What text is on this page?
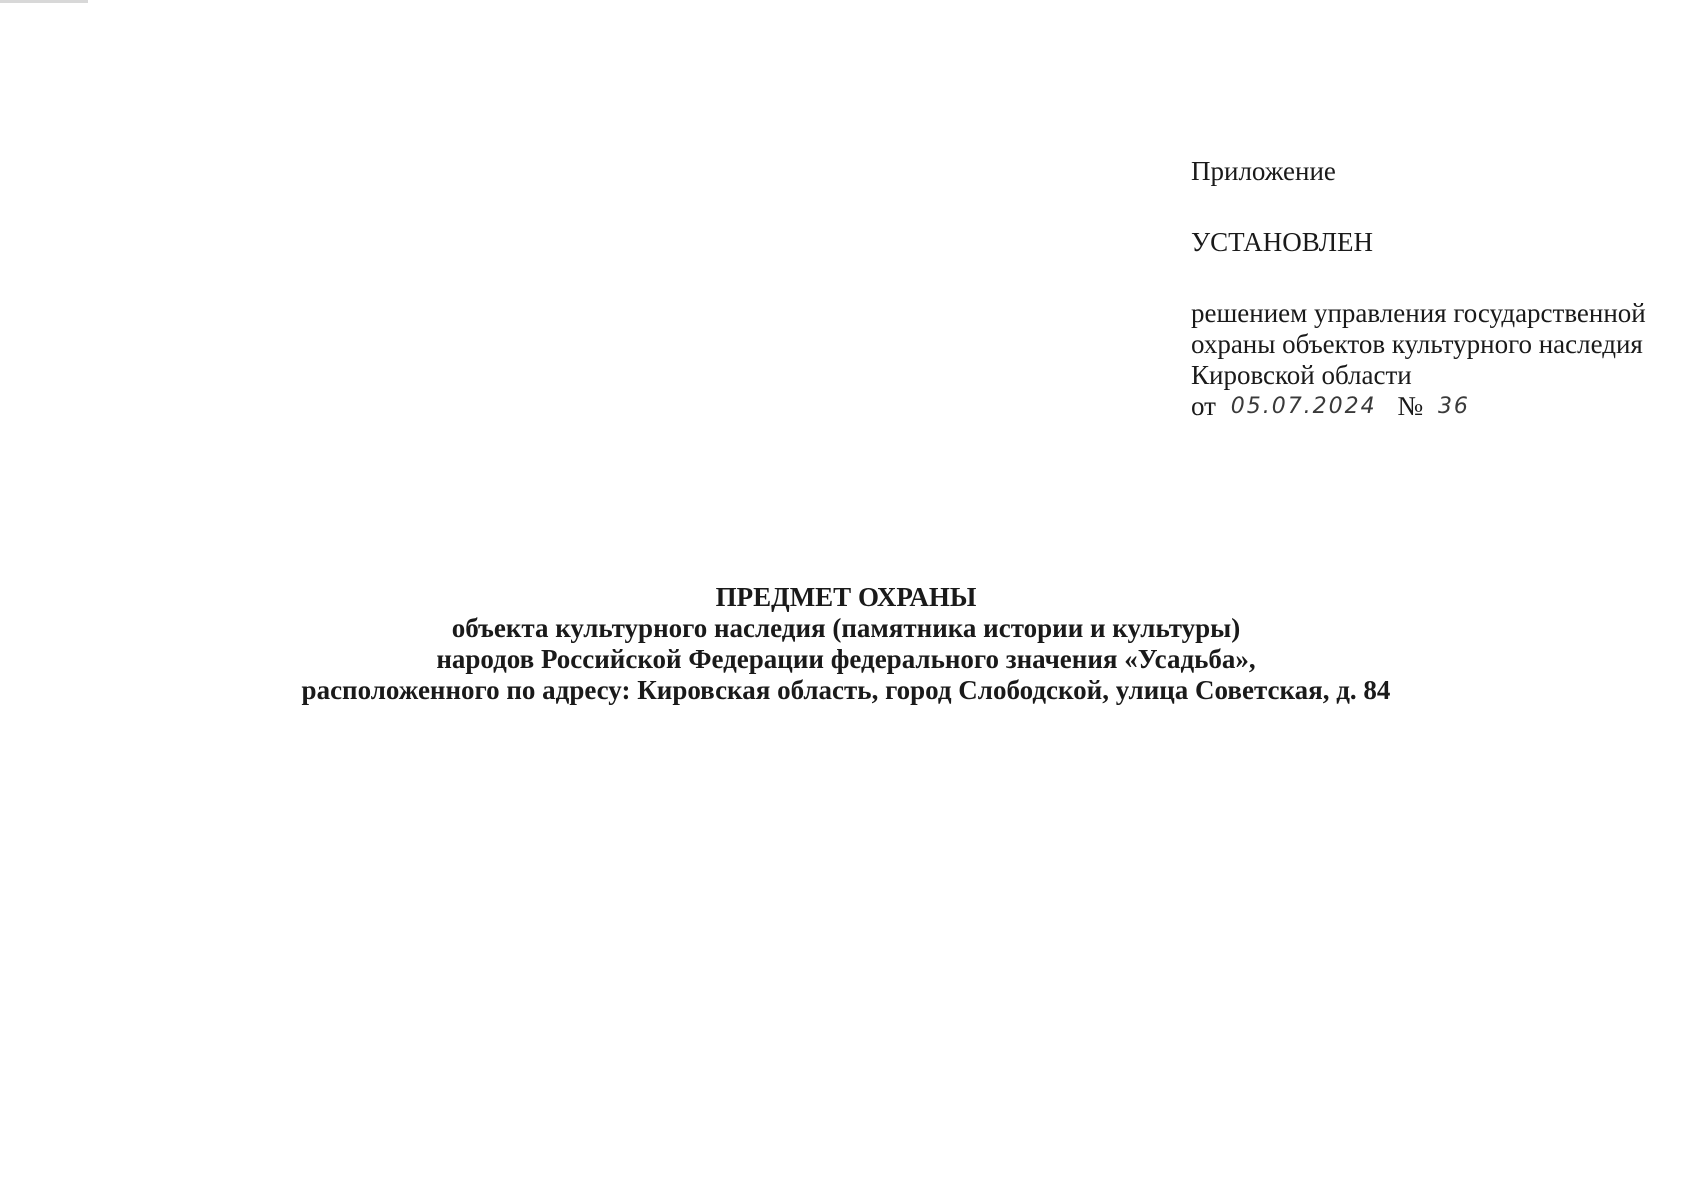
Приложение

УСТАНОВЛЕН

решением управления государственной

охраны объектов культурного наследия

Кировской области

от 05.07.2024 № 36

ПРЕДМЕТ ОХРАНЫ
объекта культурного наследия (памятника истории и культуры)
народов Российской Федерации федерального значения «Усадьба»,
расположенного по адресу: Кировская область, город Слободской, улица Советская, д. 84
